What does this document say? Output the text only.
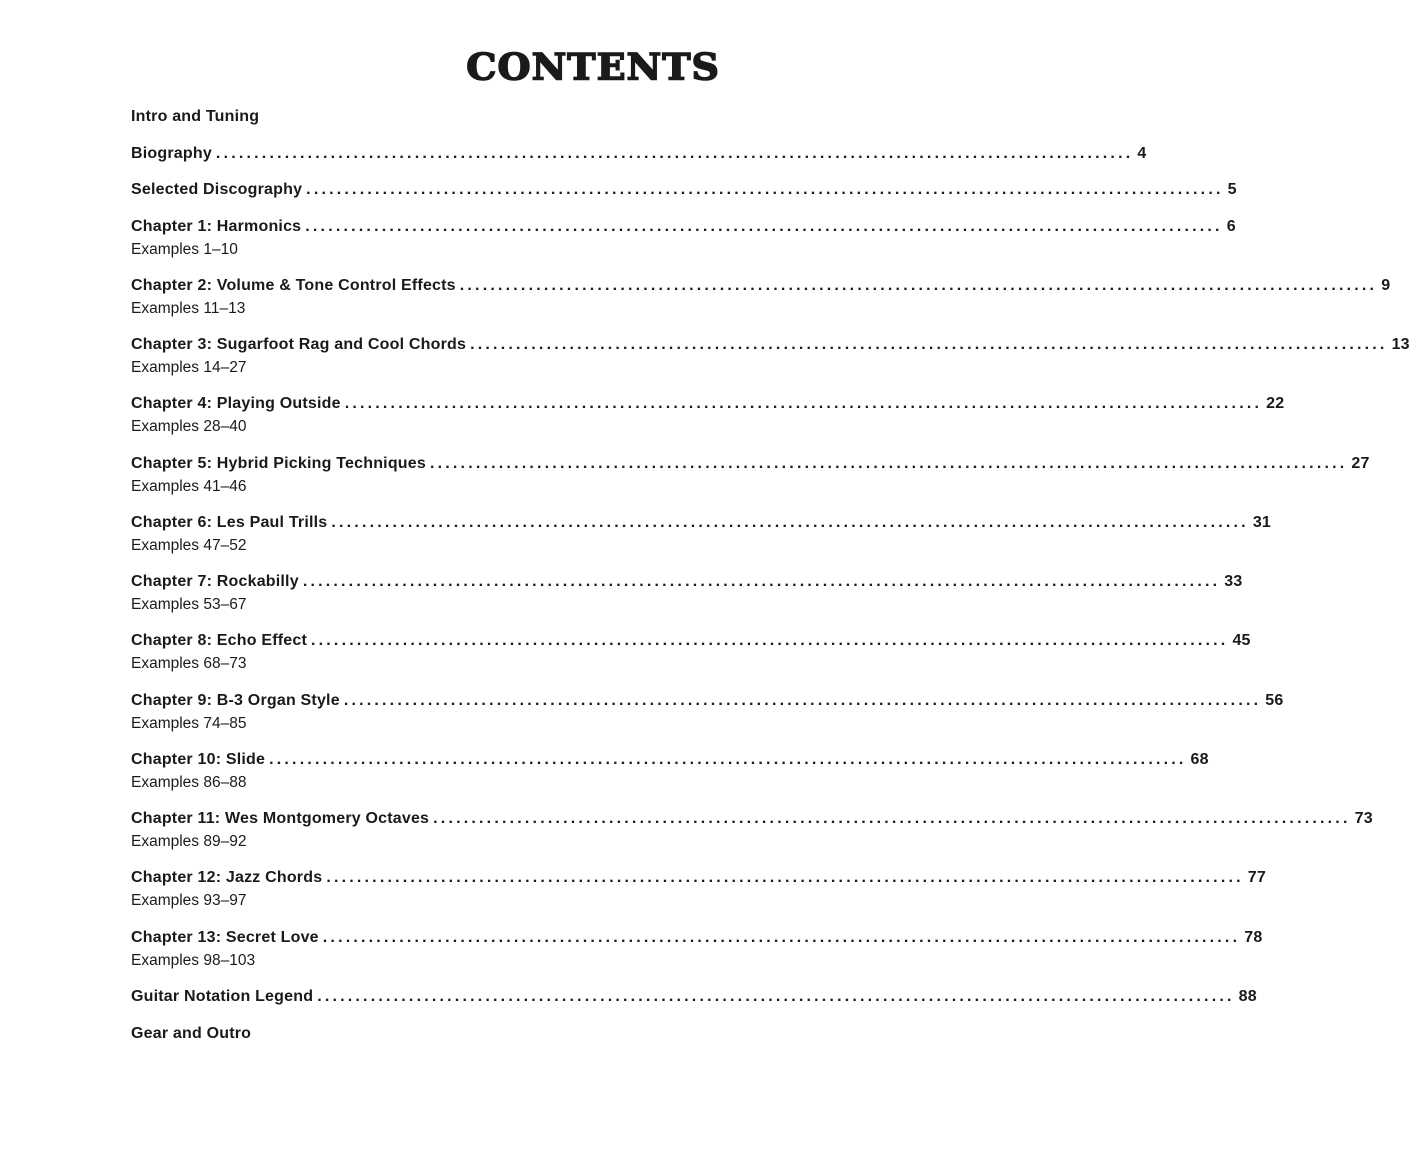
CONTENTS
Intro and Tuning
Biography ........................................................................................................................ 4
Selected Discography ........................................................................................................................ 5
Chapter 1: Harmonics ........................................................................................................................ 6
Examples 1–10
Chapter 2: Volume & Tone Control Effects ........................................................................................................................ 9
Examples 11–13
Chapter 3: Sugarfoot Rag and Cool Chords ........................................................................................................................ 13
Examples 14–27
Chapter 4: Playing Outside ........................................................................................................................ 22
Examples 28–40
Chapter 5: Hybrid Picking Techniques ........................................................................................................................ 27
Examples 41–46
Chapter 6: Les Paul Trills ........................................................................................................................ 31
Examples 47–52
Chapter 7: Rockabilly ........................................................................................................................ 33
Examples 53–67
Chapter 8: Echo Effect ........................................................................................................................ 45
Examples 68–73
Chapter 9: B-3 Organ Style ........................................................................................................................ 56
Examples 74–85
Chapter 10: Slide ........................................................................................................................ 68
Examples 86–88
Chapter 11: Wes Montgomery Octaves ........................................................................................................................ 73
Examples 89–92
Chapter 12: Jazz Chords ........................................................................................................................ 77
Examples 93–97
Chapter 13: Secret Love ........................................................................................................................ 78
Examples 98–103
Guitar Notation Legend ........................................................................................................................ 88
Gear and Outro
